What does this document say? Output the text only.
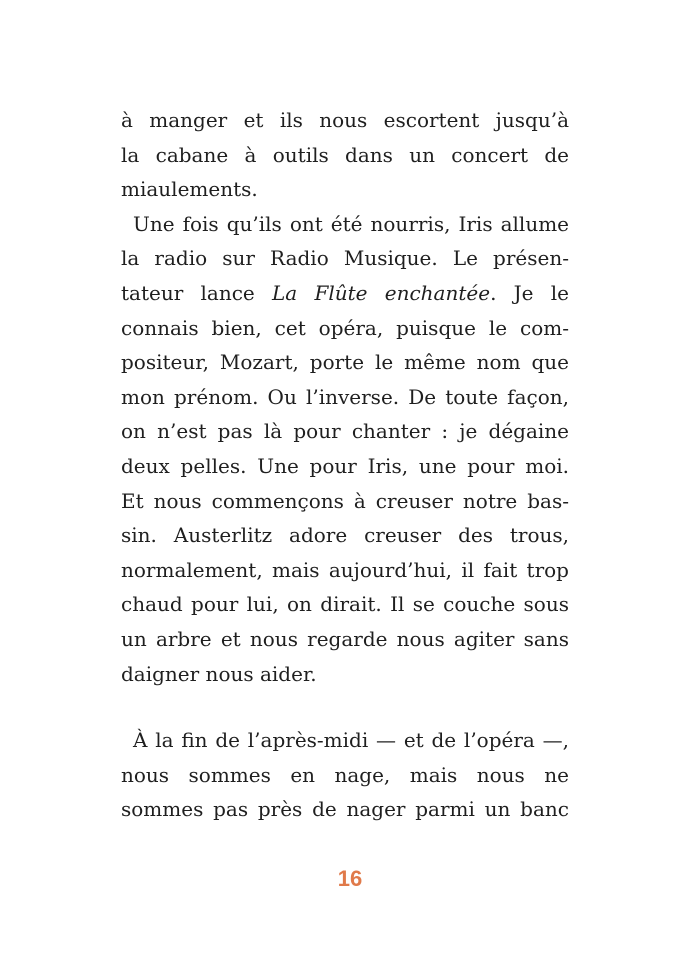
à manger et ils nous escortent jusqu’à
la cabane à outils dans un concert de
miaulements.
Une fois qu’ils ont été nourris, Iris allume
la radio sur Radio Musique. Le présen-
tateur lance La Flûte enchantée. Je le
connais bien, cet opéra, puisque le com-
positeur, Mozart, porte le même nom que
mon prénom. Ou l’inverse. De toute façon,
on n’est pas là pour chanter : je dégaine
deux pelles. Une pour Iris, une pour moi.
Et nous commençons à creuser notre bas-
sin. Austerlitz adore creuser des trous,
normalement, mais aujourd’hui, il fait trop
chaud pour lui, on dirait. Il se couche sous
un arbre et nous regarde nous agiter sans
daigner nous aider.
À la fin de l’après-midi — et de l’opéra —,
nous sommes en nage, mais nous ne
sommes pas près de nager parmi un banc
16
